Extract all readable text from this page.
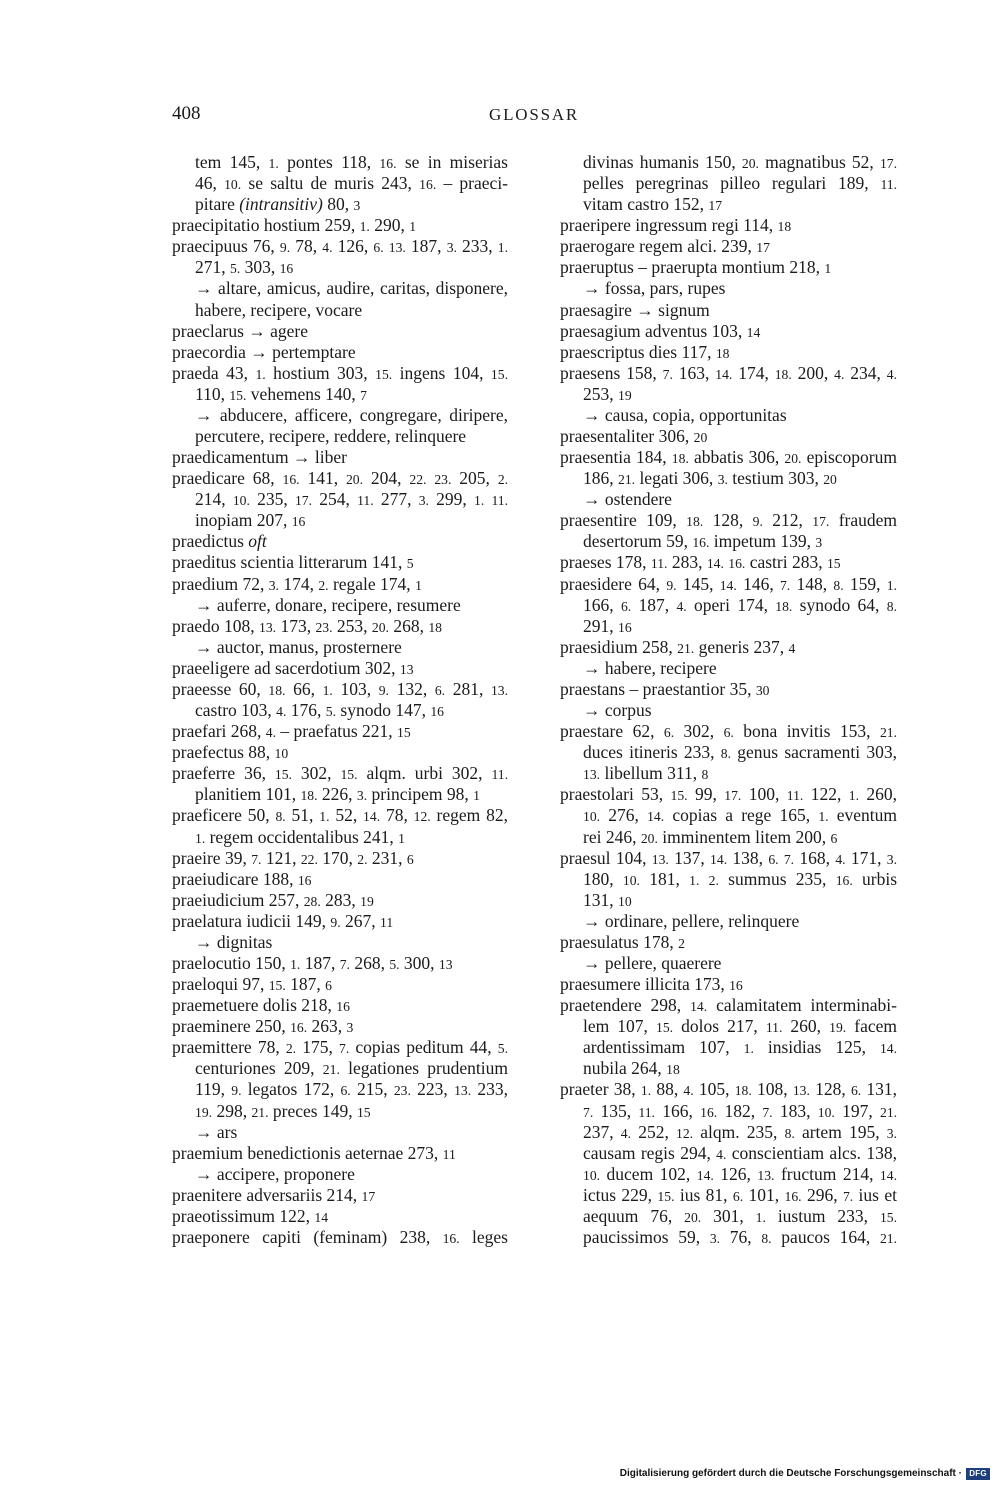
408	GLOSSAR
tem 145, 1. pontes 118, 16. se in miserias
46, 10. se saltu de muris 243, 16. – praeci-
pitare (intransitiv) 80, 3
praecipitatio hostium 259, 1. 290, 1
praecipuus 76, 9. 78, 4. 126, 6. 13. 187, 3. 233, 1.
271, 5. 303, 16
→ altare, amicus, audire, caritas, disponere,
habere, recipere, vocare
praeclarus → agere
praecordia → pertemptare
praeda 43, 1. hostium 303, 15. ingens 104, 15.
110, 15. vehemens 140, 7
→ abducere, afficere, congregare, diripere,
percutere, recipere, reddere, relinquere
praedicamentum → liber
praedicare 68, 16. 141, 20. 204, 22. 23. 205, 2.
214, 10. 235, 17. 254, 11. 277, 3. 299, 1. 11.
inopiam 207, 16
praedictus oft
praeditus scientia litterarum 141, 5
praedium 72, 3. 174, 2. regale 174, 1
→ auferre, donare, recipere, resumere
praedo 108, 13. 173, 23. 253, 20. 268, 18
→ auctor, manus, prosternere
praeeligere ad sacerdotium 302, 13
praeesse 60, 18. 66, 1. 103, 9. 132, 6. 281, 13.
castro 103, 4. 176, 5. synodo 147, 16
praefari 268, 4. – praefatus 221, 15
praefectus 88, 10
praeferre 36, 15. 302, 15. alqm. urbi 302, 11.
planitiem 101, 18. 226, 3. principem 98, 1
praeficere 50, 8. 51, 1. 52, 14. 78, 12. regem 82,
1. regem occidentalibus 241, 1
praeire 39, 7. 121, 22. 170, 2. 231, 6
praeiudicare 188, 16
praeiudicium 257, 28. 283, 19
praelatura iudicii 149, 9. 267, 11
→ dignitas
praelocutio 150, 1. 187, 7. 268, 5. 300, 13
praeloqui 97, 15. 187, 6
praemetuere dolis 218, 16
praeminere 250, 16. 263, 3
praemittere 78, 2. 175, 7. copias peditum 44, 5.
centuriones 209, 21. legationes prudentium
119, 9. legatos 172, 6. 215, 23. 223, 13. 233,
19. 298, 21. preces 149, 15
→ ars
praemium benedictionis aeternae 273, 11
→ accipere, proponere
praenitere adversariis 214, 17
praeotissimum 122, 14
praeponere capiti (feminam) 238, 16. leges
divinas humanis 150, 20. magnatibus 52, 17.
pelles peregrinas pilleo regulari 189, 11.
vitam castro 152, 17
praeripere ingressum regi 114, 18
praerogare regem alci. 239, 17
praeruptus – praerupta montium 218, 1
→ fossa, pars, rupes
praesagire → signum
praesagium adventus 103, 14
praescriptus dies 117, 18
praesens 158, 7. 163, 14. 174, 18. 200, 4. 234, 4.
253, 19
→ causa, copia, opportunitas
praesentaliter 306, 20
praesentia 184, 18. abbatis 306, 20. episcoporum
186, 21. legati 306, 3. testium 303, 20
→ ostendere
praesentire 109, 18. 128, 9. 212, 17. fraudem
desertorum 59, 16. impetum 139, 3
praeses 178, 11. 283, 14. 16. castri 283, 15
praesidere 64, 9. 145, 14. 146, 7. 148, 8. 159, 1.
166, 6. 187, 4. operi 174, 18. synodo 64, 8.
291, 16
praesidium 258, 21. generis 237, 4
→ habere, recipere
praestans – praestantior 35, 30
→ corpus
praestare 62, 6. 302, 6. bona invitis 153, 21.
duces itineris 233, 8. genus sacramenti 303,
13. libellum 311, 8
praestolari 53, 15. 99, 17. 100, 11. 122, 1. 260,
10. 276, 14. copias a rege 165, 1. eventum
rei 246, 20. imminentem litem 200, 6
praesul 104, 13. 137, 14. 138, 6. 7. 168, 4. 171, 3.
180, 10. 181, 1. 2. summus 235, 16. urbis
131, 10
→ ordinare, pellere, relinquere
praesulatus 178, 2
→ pellere, quaerere
praesumere illicita 173, 16
praetendere 298, 14. calamitatem interminabi-
lem 107, 15. dolos 217, 11. 260, 19. facem
ardentissimam 107, 1. insidias 125, 14.
nubila 264, 18
praeter 38, 1. 88, 4. 105, 18. 108, 13. 128, 6. 131,
7. 135, 11. 166, 16. 182, 7. 183, 10. 197, 21.
237, 4. 252, 12. alqm. 235, 8. artem 195, 3.
causam regis 294, 4. conscientiam alcs. 138,
10. ducem 102, 14. 126, 13. fructum 214, 14.
ictus 229, 15. ius 81, 6. 101, 16. 296, 7. ius et
aequum 76, 20. 301, 1. iustum 233, 15.
paucissimos 59, 3. 76, 8. paucos 164, 21.
Digitalisierung gefördert durch die Deutsche Forschungsgemeinschaft · DFG
